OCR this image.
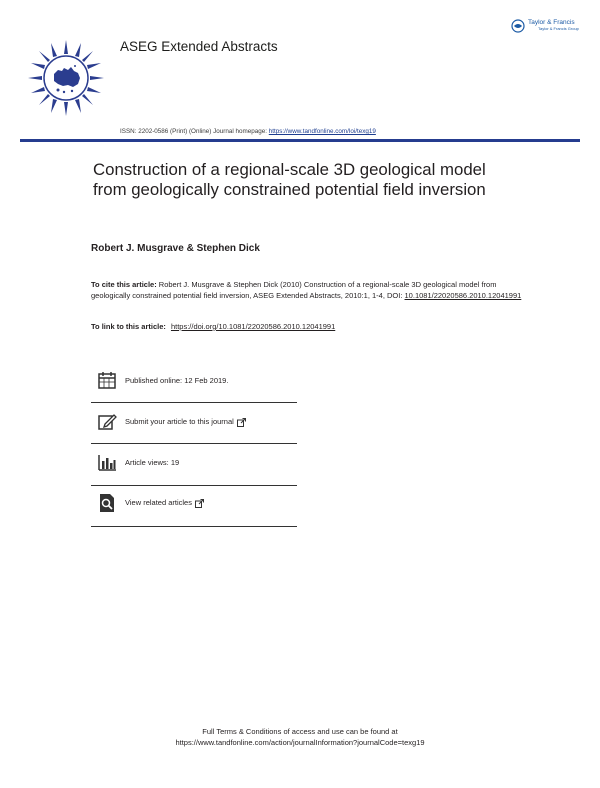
ASEG Extended Abstracts
Taylor & Francis
Taylor & Francis Group
ISSN: 2202-0586 (Print) (Online) Journal homepage: https://www.tandfonline.com/loi/texg19
Construction of a regional-scale 3D geological model from geologically constrained potential field inversion
Robert J. Musgrave & Stephen Dick
To cite this article: Robert J. Musgrave & Stephen Dick (2010) Construction of a regional-scale 3D geological model from geologically constrained potential field inversion, ASEG Extended Abstracts, 2010:1, 1-4, DOI: 10.1081/22020586.2010.12041991
To link to this article: https://doi.org/10.1081/22020586.2010.12041991
Published online: 12 Feb 2019.
Submit your article to this journal
Article views: 19
View related articles
Full Terms & Conditions of access and use can be found at
https://www.tandfonline.com/action/journalInformation?journalCode=texg19
